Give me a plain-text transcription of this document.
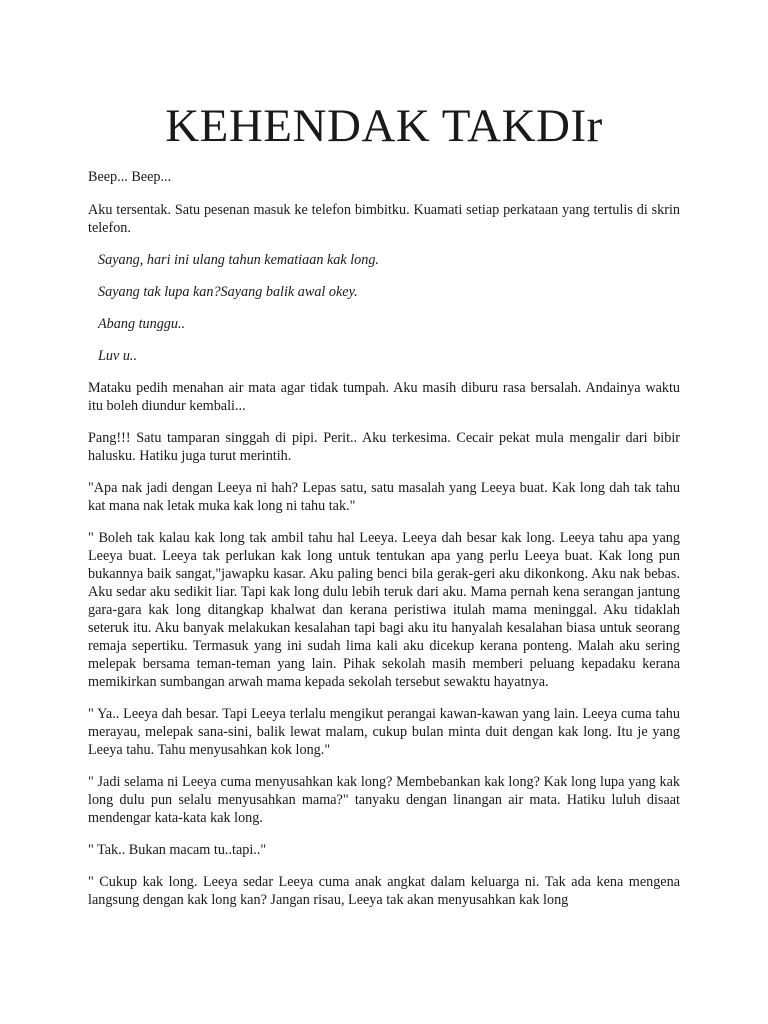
KEHENDAK TAKDIr

Beep... Beep...

Aku tersentak. Satu pesenan masuk ke telefon bimbitku. Kuamati setiap perkataan yang tertulis di skrin telefon.

Sayang, hari ini ulang tahun kematiaan kak long.

Sayang tak lupa kan?Sayang balik awal okey.

Abang tunggu..

Luv u..

Mataku pedih menahan air mata agar tidak tumpah. Aku masih diburu rasa bersalah. Andainya waktu itu boleh diundur kembali...

Pang!!! Satu tamparan singgah di pipi. Perit.. Aku terkesima. Cecair pekat mula mengalir dari bibir halusku. Hatiku juga turut merintih.

"Apa nak jadi dengan Leeya ni hah? Lepas satu, satu masalah yang Leeya buat. Kak long dah tak tahu kat mana nak letak muka kak long ni tahu tak."

" Boleh tak kalau kak long tak ambil tahu hal Leeya. Leeya dah besar kak long. Leeya tahu apa yang Leeya buat. Leeya tak perlukan kak long untuk tentukan apa yang perlu Leeya buat. Kak long pun bukannya baik sangat,"jawapku kasar. Aku paling benci bila gerak-geri aku dikonkong. Aku nak bebas. Aku sedar aku sedikit liar. Tapi kak long dulu lebih teruk dari aku. Mama pernah kena serangan jantung gara-gara kak long ditangkap khalwat dan kerana peristiwa itulah mama meninggal. Aku tidaklah seteruk itu. Aku banyak melakukan kesalahan tapi bagi aku itu hanyalah kesalahan biasa untuk seorang remaja sepertiku. Termasuk yang ini sudah lima kali aku dicekup kerana ponteng. Malah aku sering melepak bersama teman-teman yang lain. Pihak sekolah masih memberi peluang kepadaku kerana memikirkan sumbangan arwah mama kepada sekolah tersebut sewaktu hayatnya.

" Ya.. Leeya dah besar. Tapi Leeya terlalu mengikut perangai kawan-kawan yang lain. Leeya cuma tahu merayau, melepak sana-sini, balik lewat malam, cukup bulan minta duit dengan kak long. Itu je yang Leeya tahu. Tahu menyusahkan kok long."

" Jadi selama ni Leeya cuma menyusahkan kak long? Membebankan kak long? Kak long lupa yang kak long dulu pun selalu menyusahkan mama?" tanyaku dengan linangan air mata. Hatiku luluh disaat mendengar kata-kata kak long.

" Tak.. Bukan macam tu..tapi.."

" Cukup kak long. Leeya sedar Leeya cuma anak angkat dalam keluarga ni. Tak ada kena mengena langsung dengan kak long kan? Jangan risau, Leeya tak akan menyusahkan kak long
